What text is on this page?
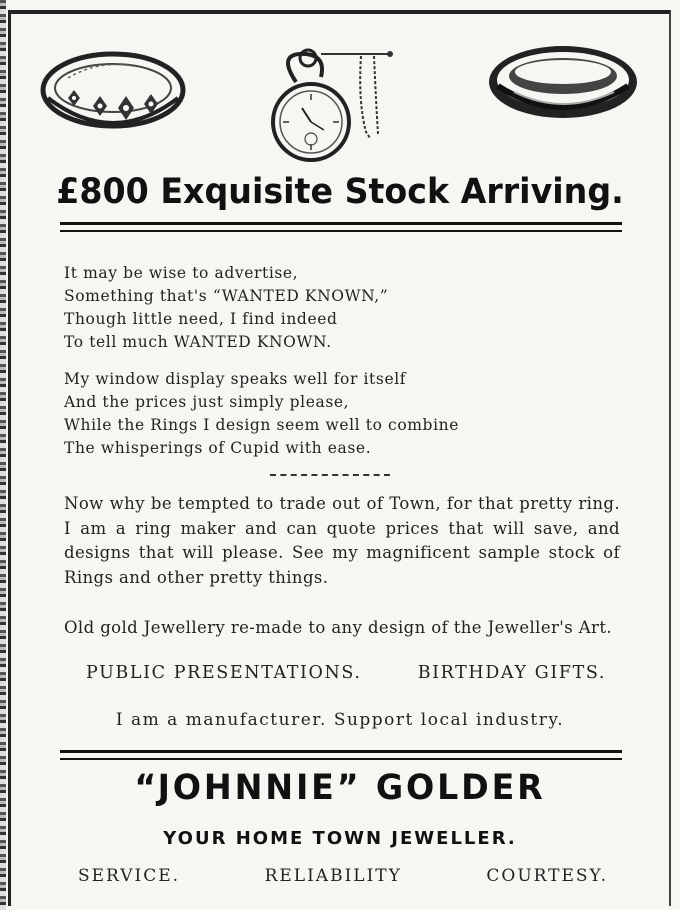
£800 Exquisite Stock Arriving.
It may be wise to advertise,
Something that's “WANTED KNOWN,”
Though little need, I find indeed
To tell much WANTED KNOWN.
My window display speaks well for itself
And the prices just simply please,
While the Rings I design seem well to combine
The whisperings of Cupid with ease.
Now why be tempted to trade out of Town, for that pretty ring. I am a ring maker and can quote prices that will save, and designs that will please. See my magnificent sample stock of Rings and other pretty things.
Old gold Jewellery re-made to any design of the Jeweller's Art.
PUBLIC PRESENTATIONS.	BIRTHDAY GIFTS.
I am a manufacturer. Support local industry.
“JOHNNIE” GOLDER
YOUR HOME TOWN JEWELLER.
SERVICE.	RELIABILITY	COURTESY.
